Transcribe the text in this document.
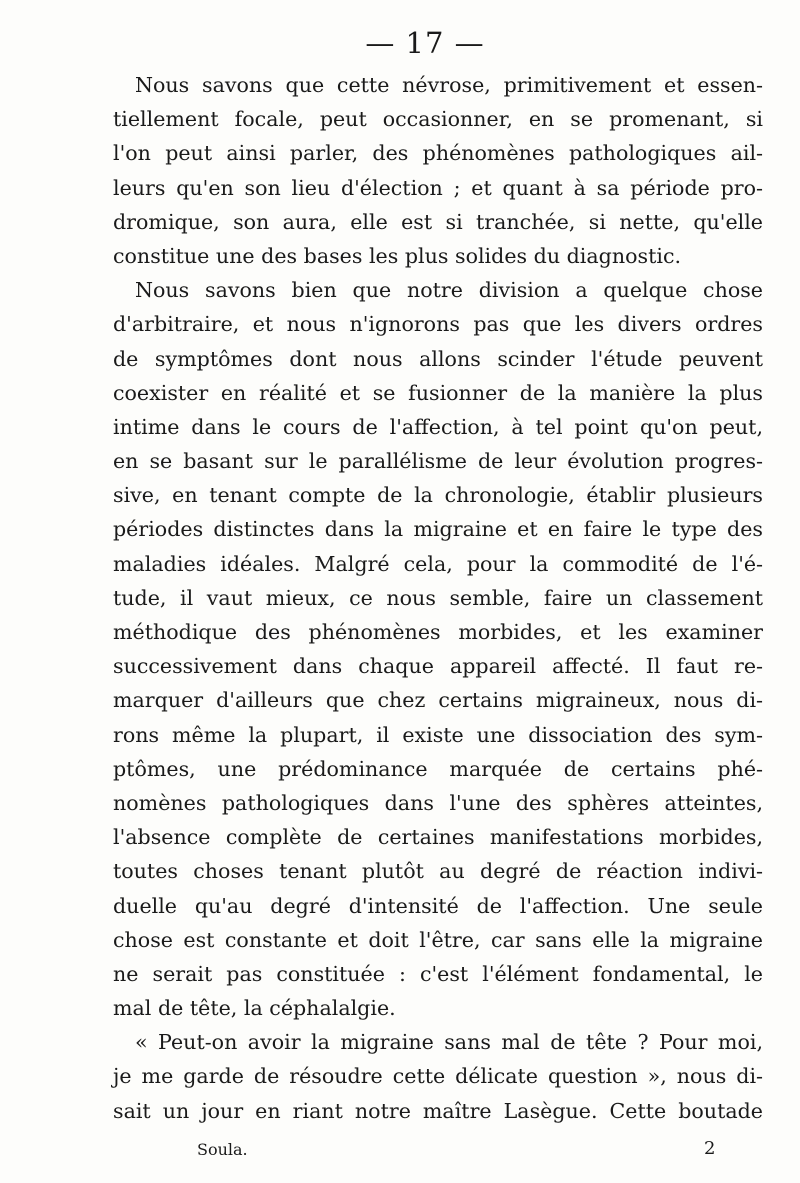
— 17 —
Nous savons que cette névrose, primitivement et essen-
tiellement focale, peut occasionner, en se promenant, si
l'on peut ainsi parler, des phénomènes pathologiques ail-
leurs qu'en son lieu d'élection ; et quant à sa période pro-
dromique, son aura, elle est si tranchée, si nette, qu'elle
constitue une des bases les plus solides du diagnostic.
Nous savons bien que notre division a quelque chose
d'arbitraire, et nous n'ignorons pas que les divers ordres
de symptômes dont nous allons scinder l'étude peuvent
coexister en réalité et se fusionner de la manière la plus
intime dans le cours de l'affection, à tel point qu'on peut,
en se basant sur le parallélisme de leur évolution progres-
sive, en tenant compte de la chronologie, établir plusieurs
périodes distinctes dans la migraine et en faire le type des
maladies idéales. Malgré cela, pour la commodité de l'é-
tude, il vaut mieux, ce nous semble, faire un classement
méthodique des phénomènes morbides, et les examiner
successivement dans chaque appareil affecté. Il faut re-
marquer d'ailleurs que chez certains migraineux, nous di-
rons même la plupart, il existe une dissociation des sym-
ptômes, une prédominance marquée de certains phé-
nomènes pathologiques dans l'une des sphères atteintes,
l'absence complète de certaines manifestations morbides,
toutes choses tenant plutôt au degré de réaction indivi-
duelle qu'au degré d'intensité de l'affection. Une seule
chose est constante et doit l'être, car sans elle la migraine
ne serait pas constituée : c'est l'élément fondamental, le
mal de tête, la céphalalgie.
« Peut-on avoir la migraine sans mal de tête ? Pour moi,
je me garde de résoudre cette délicate question », nous di-
sait un jour en riant notre maître Lasègue. Cette boutade
Soula.	2
